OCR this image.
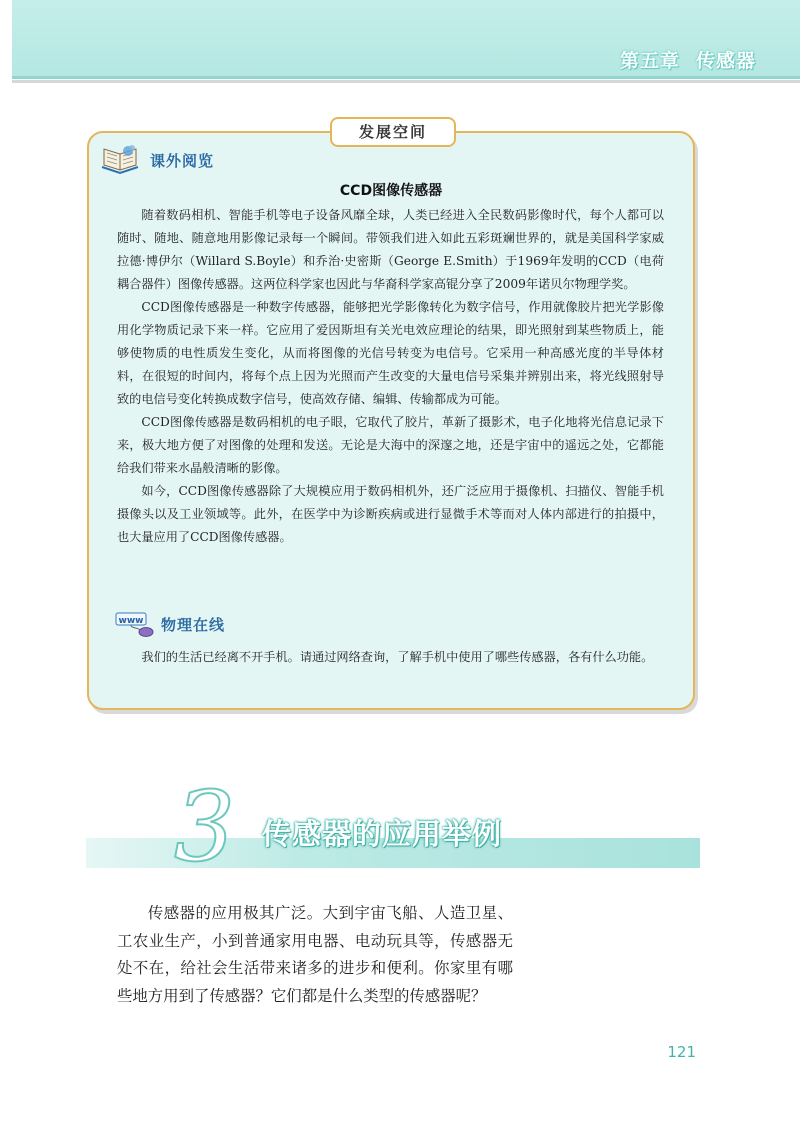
第五章 传感器
发展空间
课外阅览
CCD图像传感器

随着数码相机、智能手机等电子设备风靡全球，人类已经进入全民数码影像时代，每个人都可以随时、随地、随意地用影像记录每一个瞬间。带领我们进入如此五彩斑斓世界的，就是美国科学家威拉德·博伊尔（Willard S.Boyle）和乔治·史密斯（George E.Smith）于1969年发明的CCD（电荷耦合器件）图像传感器。这两位科学家也因此与华裔科学家高锟分享了2009年诺贝尔物理学奖。

CCD图像传感器是一种数字传感器，能够把光学影像转化为数字信号，作用就像胶片把光学影像用化学物质记录下来一样。它应用了爱因斯坦有关光电效应理论的结果，即光照射到某些物质上，能够使物质的电性质发生变化，从而将图像的光信号转变为电信号。它采用一种高感光度的半导体材料，在很短的时间内，将每个点上因为光照而产生改变的大量电信号采集并辨别出来，将光线照射导致的电信号变化转换成数字信号，使高效存储、编辑、传输都成为可能。

CCD图像传感器是数码相机的电子眼，它取代了胶片，革新了摄影术，电子化地将光信息记录下来，极大地方便了对图像的处理和发送。无论是大海中的深邃之地，还是宇宙中的遥远之处，它都能给我们带来水晶般清晰的影像。

如今，CCD图像传感器除了大规模应用于数码相机外，还广泛应用于摄像机、扫描仪、智能手机摄像头以及工业领域等。此外，在医学中为诊断疾病或进行显微手术等而对人体内部进行的拍摄中，也大量应用了CCD图像传感器。

www 物理在线

我们的生活已经离不开手机。请通过网络查询，了解手机中使用了哪些传感器，各有什么功能。

3 传感器的应用举例

传感器的应用极其广泛。大到宇宙飞船、人造卫星、工农业生产，小到普通家用电器、电动玩具等，传感器无处不在，给社会生活带来诸多的进步和便利。你家里有哪些地方用到了传感器？它们都是什么类型的传感器呢？

121
